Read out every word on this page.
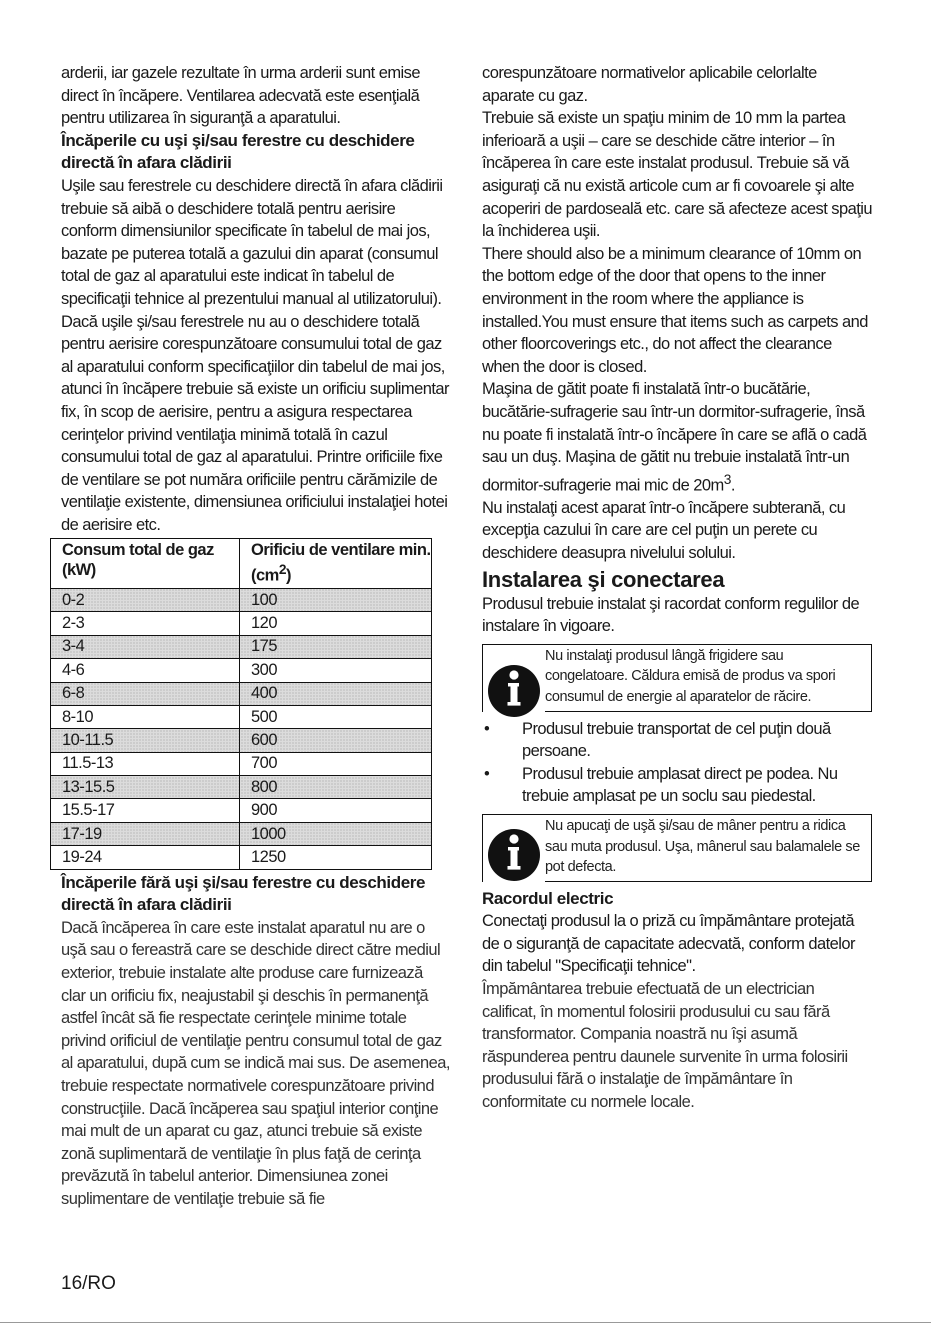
arderii, iar gazele rezultate în urma arderii sunt emise direct în încăpere. Ventilarea adecvată este esenţială pentru utilizarea în siguranţă a aparatului.

Încăperile cu uşi şi/sau ferestre cu deschidere directă în afara clădirii

Uşile sau ferestrele cu deschidere directă în afara clădirii trebuie să aibă o deschidere totală pentru aerisire conform dimensiunilor specificate în tabelul de mai jos, bazate pe puterea totală a gazului din aparat (consumul total de gaz al aparatului este indicat în tabelul de specificaţii tehnice al prezentului manual al utilizatorului). Dacă uşile şi/sau ferestrele nu au o deschidere totală pentru aerisire corespunzătoare consumului total de gaz al aparatului conform specificaţiilor din tabelul de mai jos, atunci în încăpere trebuie să existe un orificiu suplimentar fix, în scop de aerisire, pentru a asigura respectarea cerinţelor privind ventilaţia minimă totală în cazul consumului total de gaz al aparatului. Printre orificiile fixe de ventilare se pot număra orificiile pentru cărămizile de ventilaţie existente, dimensiunea orificiului instalaţiei hotei de aerisire etc.

Consum total de gaz (kW)	Orificiu de ventilare min. $(cm^2)$
0-2	100
2-3	120
3-4	175
4-6	300
6-8	400
8-10	500
10-11.5	600
11.5-13	700
13-15.5	800
15.5-17	900
17-19	1000
19-24	1250
Încăperile fără uşi şi/sau ferestre cu deschidere directă în afara clădirii

Dacă încăperea în care este instalat aparatul nu are o uşă sau o fereastră care se deschide direct către mediul exterior, trebuie instalate alte produse care furnizează clar un orificiu fix, neajustabil şi deschis în permanenţă astfel încât să fie respectate cerinţele minime totale privind orificiul de ventilaţie pentru consumul total de gaz al aparatului, după cum se indică mai sus. De asemenea, trebuie respectate normativele corespunzătoare privind construcţiile. Dacă încăperea sau spaţiul interior conţine mai mult de un aparat cu gaz, atunci trebuie să existe zonă suplimentară de ventilaţie în plus faţă de cerinţa prevăzută în tabelul anterior. Dimensiunea zonei suplimentare de ventilaţie trebuie să fie

corespunzătoare normativelor aplicabile celorlalte aparate cu gaz.

Trebuie să existe un spaţiu minim de 10 mm la partea inferioară a uşii – care se deschide către interior – în încăperea în care este instalat produsul. Trebuie să vă asiguraţi că nu există articole cum ar fi covoarele şi alte acoperiri de pardoseală etc. care să afecteze acest spaţiu la închiderea uşii.

There should also be a minimum clearance of 10mm on the bottom edge of the door that opens to the inner environment in the room where the appliance is installed.You must ensure that items such as carpets and other floorcoverings etc., do not affect the clearance when the door is closed.

Maşina de gătit poate fi instalată într-o bucătărie, bucătărie-sufragerie sau într-un dormitor-sufragerie, însă nu poate fi instalată într-o încăpere în care se află o cadă sau un duş. Maşina de gătit nu trebuie instalată într-un dormitor-sufragerie mai mic de $20m^3$.

Nu instalaţi acest aparat într-o încăpere subterană, cu excepţia cazului în care are cel puţin un perete cu deschidere deasupra nivelului solului.

Instalarea şi conectarea

Produsul trebuie instalat şi racordat conform regulilor de instalare în vigoare.

Nu instalaţi produsul lângă frigidere sau congelatoare. Căldura emisă de produs va spori consumul de energie al aparatelor de răcire.
• Produsul trebuie transportat de cel puţin două persoane.
• Produsul trebuie amplasat direct pe podea. Nu trebuie amplasat pe un soclu sau piedestal.
Nu apucaţi de uşă şi/sau de mâner pentru a ridica sau muta produsul. Uşa, mânerul sau balamalele se pot defecta.
Racordul electric

Conectaţi produsul la o priză cu împământare protejată de o siguranţă de capacitate adecvată, conform datelor din tabelul "Specificaţii tehnice".

Împământarea trebuie efectuată de un electrician calificat, în momentul folosirii produsului cu sau fără transformator. Compania noastră nu îşi asumă răspunderea pentru daunele survenite în urma folosirii produsului fără o instalaţie de împământare în conformitate cu normele locale.

16/RO
